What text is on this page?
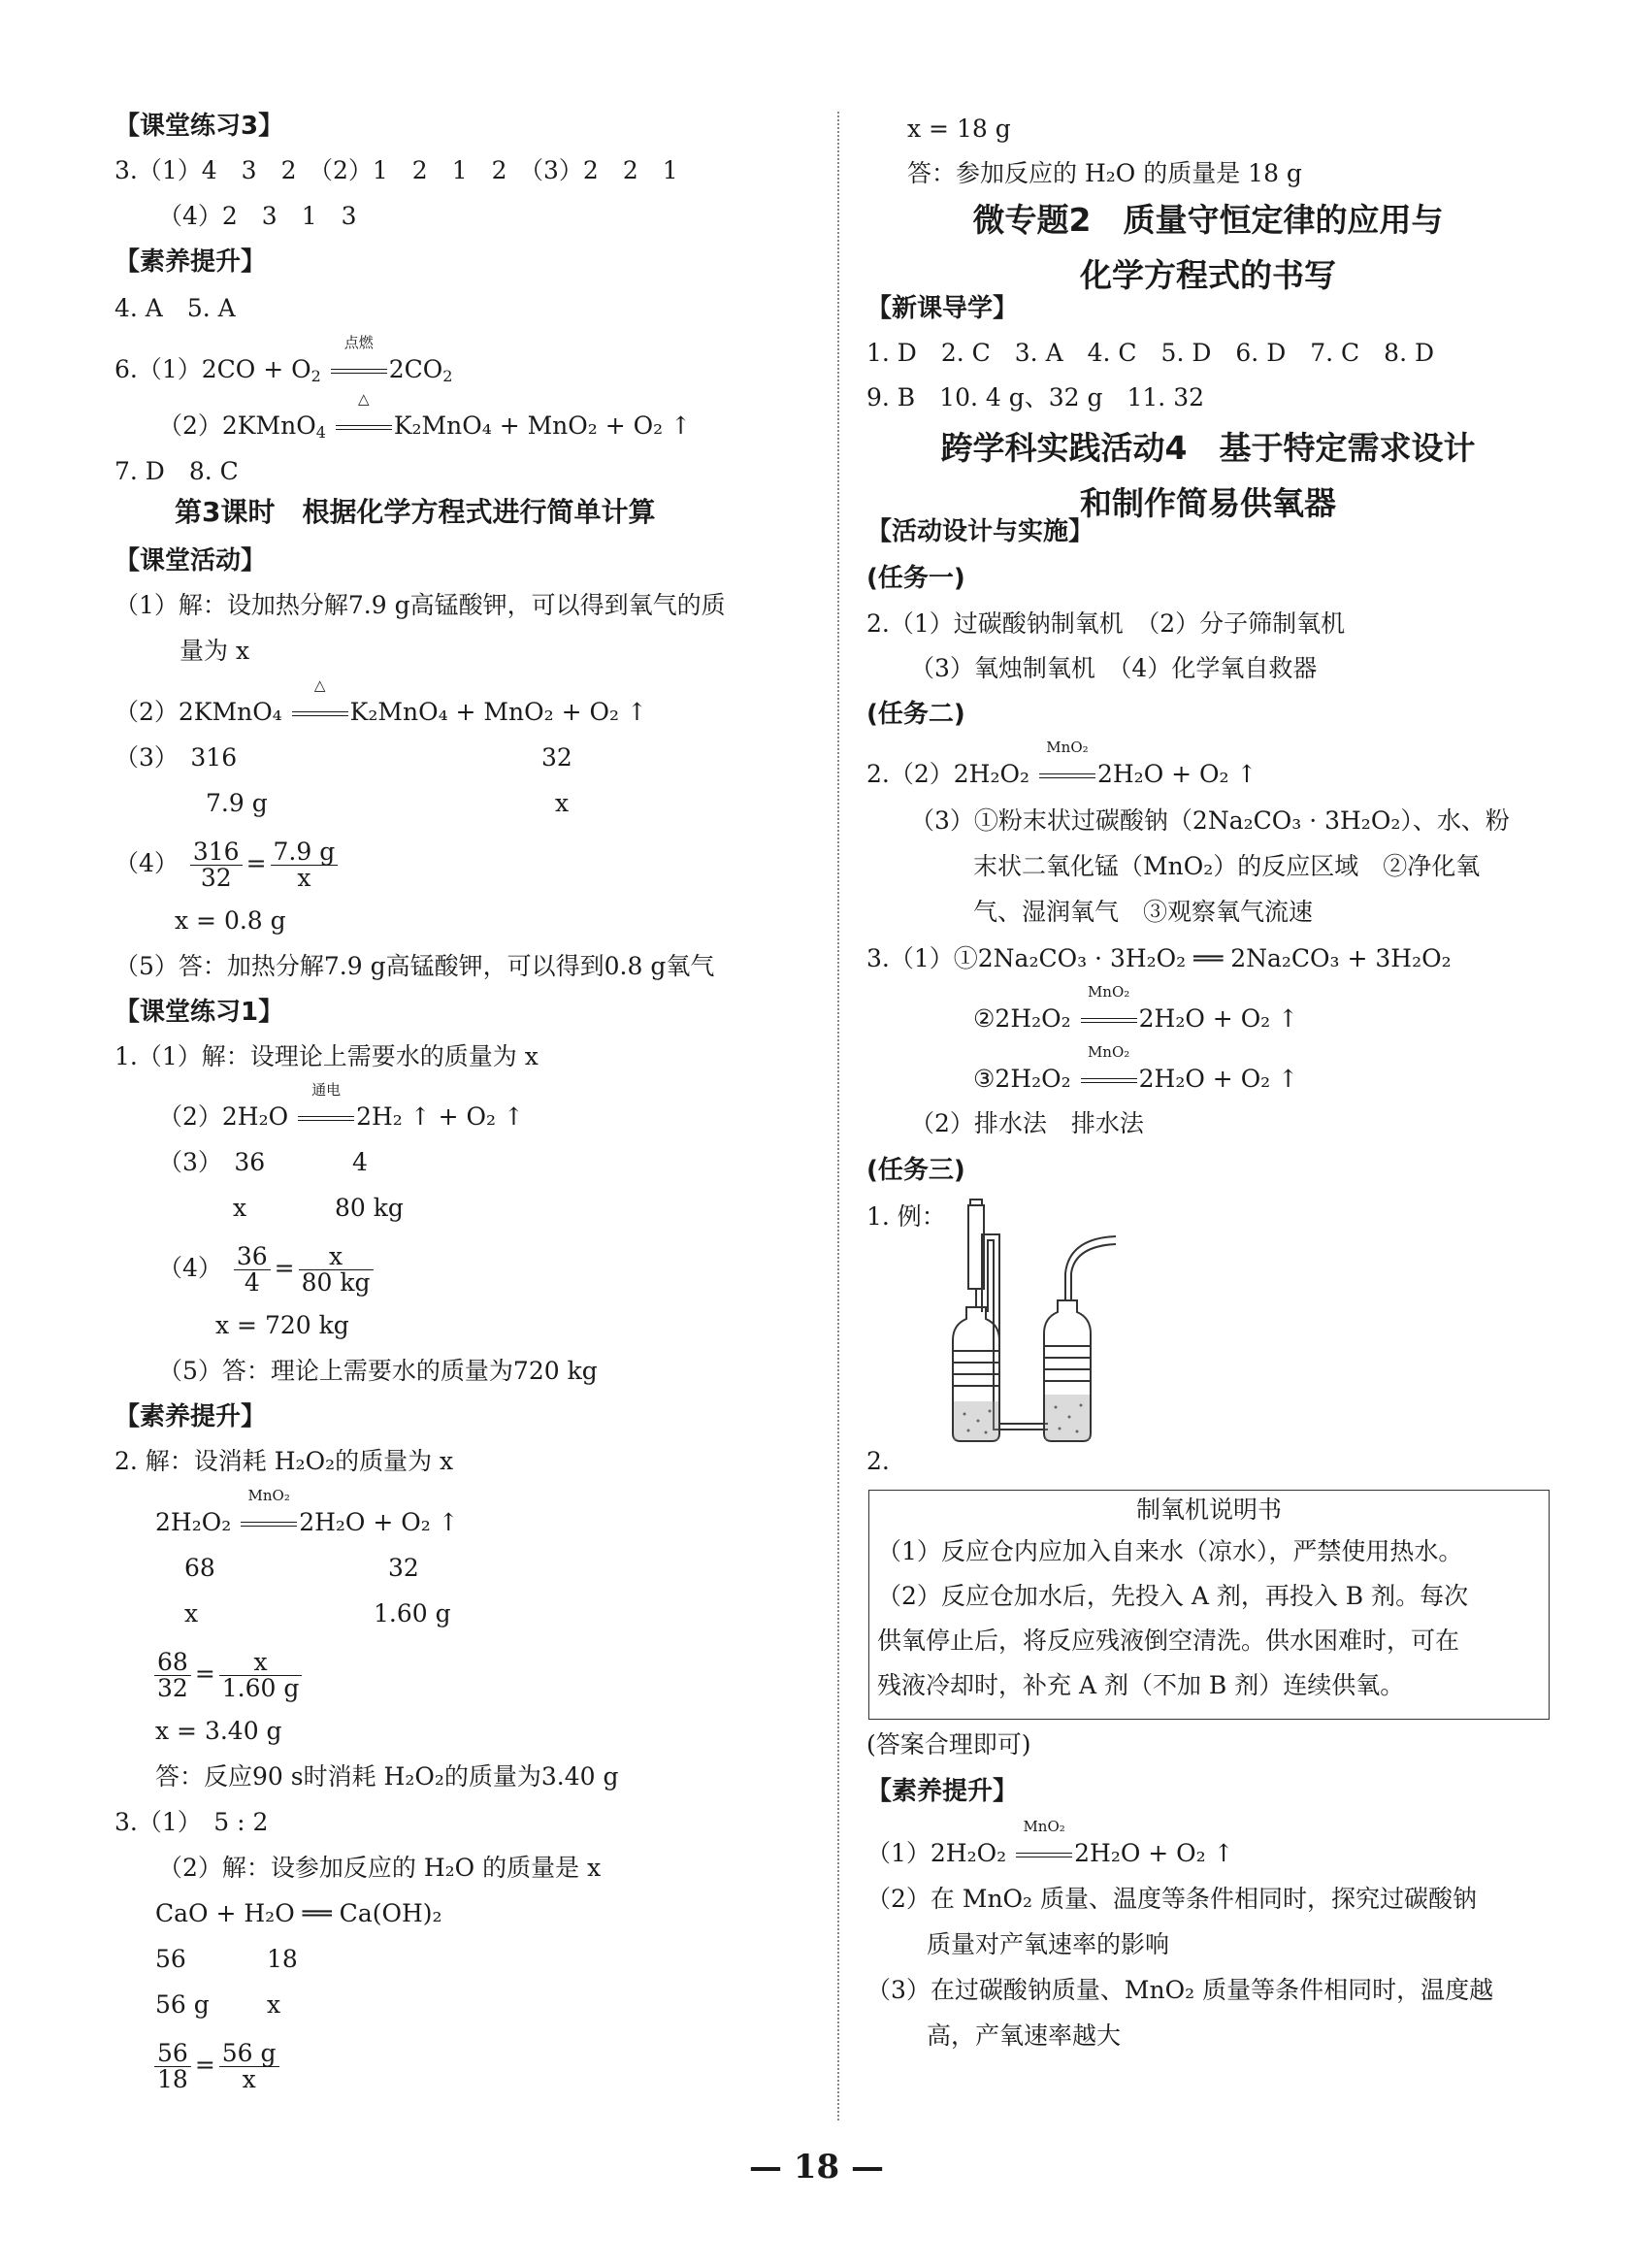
【课堂练习3】
3.（1）4　3　2　（2）1　2　1　2　（3）2　2　1
（4）2　3　1　3
【素养提升】
4. A　5. A
$6.(1)2CO + O_2$
点燃
$2CO_2$
（2）2KMnO$_4$
△
K₂MnO₄ + MnO₂ + O₂ ↑
7. D　8. C
第3课时　根据化学方程式进行简单计算
【课堂活动】
（1）解：设加热分解7.9 g高锰酸钾，可以得到氧气的质
量为 x
（2）2KMnO₄
△
K₂MnO₄ + MnO₂ + O₂ ↑
（3）　316	32
7.9 g	x
$(4) \frac{316}{32} = \frac{7.9 g}{x}$
x = 0.8 g
（5）答：加热分解7.9 g高锰酸钾，可以得到0.8 g氧气
【课堂练习1】
1.（1）解：设理论上需要水的质量为 x
（2）2H₂O
通电
2H₂ ↑ + O₂ ↑
（3）　36	4
x	80 kg
$(4) \frac{36}{4} = \frac{x}{80 kg}$
x = 720 kg
（5）答：理论上需要水的质量为720 kg
【素养提升】
2. 解：设消耗 H₂O₂的质量为 x
2H₂O₂
MnO₂
2H₂O + O₂ ↑
68	32
x	1.60 g
$\frac{68}{32} = \frac{x}{1.60 g}$
x = 3.40 g
答：反应90 s时消耗 H₂O₂的质量为3.40 g
3.（1）　5 : 2
（2）解：设参加反应的 H₂O 的质量是 x
CaO + H₂O ══ Ca(OH)₂
56	18
56 g x
$\frac{56}{18} = \frac{56 g}{x}$
x = 18 g
答：参加反应的 H₂O 的质量是 18 g
微专题2　质量守恒定律的应用与
化学方程式的书写
【新课导学】
1. D　2. C　3. A　4. C　5. D　6. D　7. C　8. D
9. B　10. 4 g、32 g　11. 32
跨学科实践活动4　基于特定需求设计
和制作简易供氧器
【活动设计与实施】
(任务一)
2.（1）过碳酸钠制氧机　（2）分子筛制氧机
（3）氧烛制氧机　（4）化学氧自救器
(任务二)
2.（2）2H₂O₂
MnO₂
2H₂O + O₂ ↑
（3）①粉末状过碳酸钠（2Na₂CO₃ · 3H₂O₂）、水、粉
末状二氧化锰（MnO₂）的反应区域　②净化氧
气、湿润氧气　③观察氧气流速
3.（1）①2Na₂CO₃ · 3H₂O₂ ══ 2Na₂CO₃ + 3H₂O₂
②2H₂O₂
MnO₂
2H₂O + O₂ ↑
③2H₂O₂
MnO₂
2H₂O + O₂ ↑
（2）排水法　排水法
(任务三)
1. 例：
2.
制氧机说明书
（1）反应仓内应加入自来水（凉水），严禁使用热水。
（2）反应仓加水后，先投入 A 剂，再投入 B 剂。每次
供氧停止后，将反应残液倒空清洗。供水困难时，可在
残液冷却时，补充 A 剂（不加 B 剂）连续供氧。
(答案合理即可)
【素养提升】
（1）2H₂O₂
MnO₂
2H₂O + O₂ ↑
（2）在 MnO₂ 质量、温度等条件相同时，探究过碳酸钠
质量对产氧速率的影响
（3）在过碳酸钠质量、MnO₂ 质量等条件相同时，温度越
高，产氧速率越大
— 18 —
